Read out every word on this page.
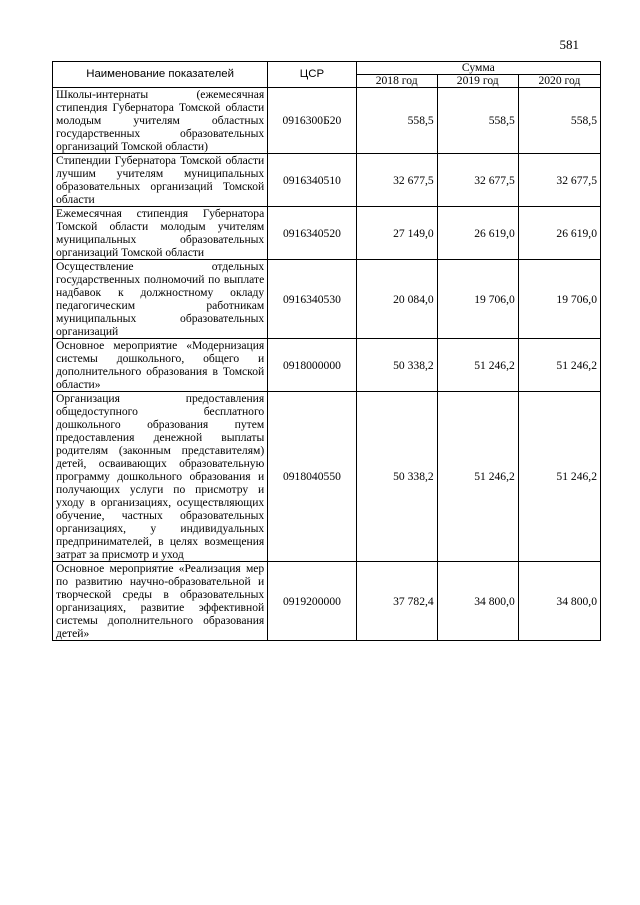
581
Наименование показателей	ЦСР	Сумма		
		2018 год	2019 год	2020 год
Школы-интернаты (ежемесячная стипендия Губернатора Томской области молодым учителям областных государственных образовательных организаций Томской области)	0916300Б20	558,5	558,5	558,5
Стипендии Губернатора Томской области лучшим учителям муниципальных образовательных организаций Томской области	0916340510	32 677,5	32 677,5	32 677,5
Ежемесячная стипендия Губернатора Томской области молодым учителям муниципальных образовательных организаций Томской области	0916340520	27 149,0	26 619,0	26 619,0
Осуществление отдельных государственных полномочий по выплате надбавок к должностному окладу педагогическим работникам муниципальных образовательных организаций	0916340530	20 084,0	19 706,0	19 706,0
Основное мероприятие «Модернизация системы дошкольного, общего и дополнительного образования в Томской области»	0918000000	50 338,2	51 246,2	51 246,2
Организация предоставления общедоступного бесплатного дошкольного образования путем предоставления денежной выплаты родителям (законным представителям) детей, осваивающих образовательную программу дошкольного образования и получающих услуги по присмотру и уходу в организациях, осуществляющих обучение, частных образовательных организациях, у индивидуальных предпринимателей, в целях возмещения затрат за присмотр и уход	0918040550	50 338,2	51 246,2	51 246,2
Основное мероприятие «Реализация мер по развитию научно-образовательной и творческой среды в образовательных организациях, развитие эффективной системы дополнительного образования детей»	0919200000	37 782,4	34 800,0	34 800,0
